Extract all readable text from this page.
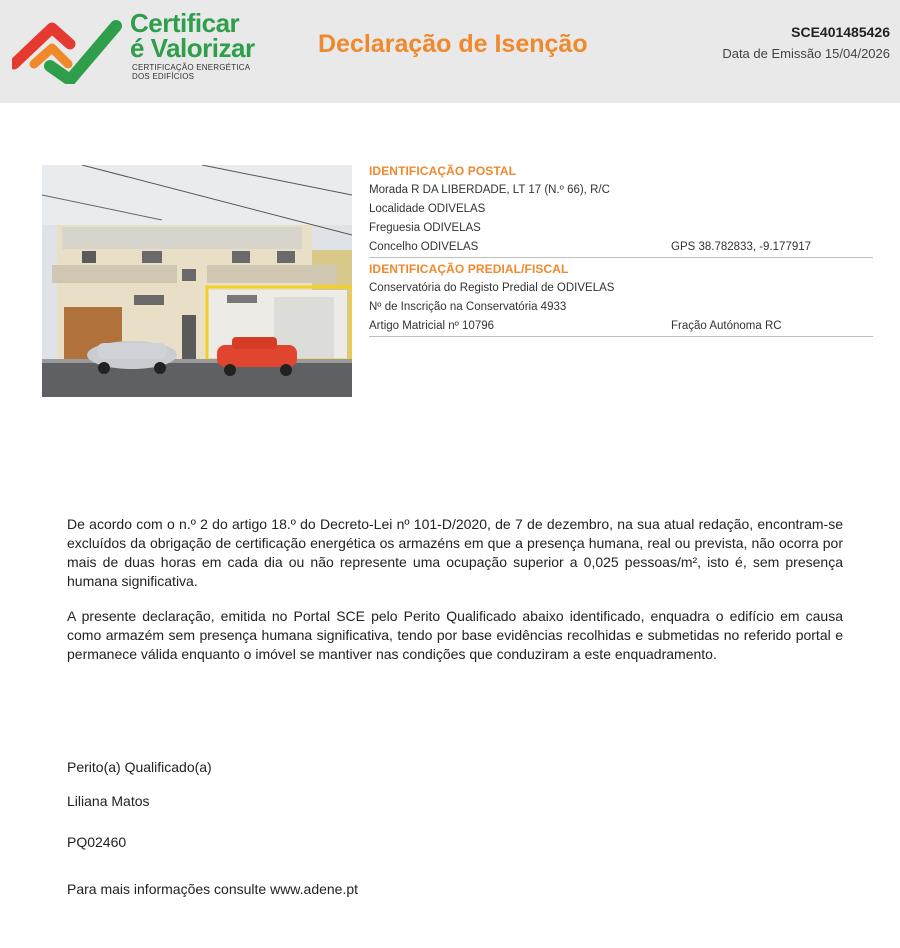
Certificar
é Valorizar
CERTIFICAÇÃO ENERGÉTICA
DOS EDIFÍCIOS
Declaração de Isenção	SCE401485426
Data de Emissão 15/04/2026
IDENTIFICAÇÃO POSTAL
Morada R DA LIBERDADE, LT 17 (N.º 66), R/C
Localidade ODIVELAS
Freguesia ODIVELAS
Concelho ODIVELAS	GPS 38.782833, -9.177917
IDENTIFICAÇÃO PREDIAL/FISCAL
Conservatória do Registo Predial de ODIVELAS
Nº de Inscrição na Conservatória 4933
Artigo Matricial nº 10796	Fração Autónoma RC
De acordo com o n.º 2 do artigo 18.º do Decreto-Lei nº 101-D/2020, de 7 de dezembro, na sua atual redação, encontram-se excluídos da obrigação de certificação energética os armazéns em que a presença humana, real ou prevista, não ocorra por mais de duas horas em cada dia ou não represente uma ocupação superior a 0,025 pessoas/m², isto é, sem presença humana significativa.
A presente declaração, emitida no Portal SCE pelo Perito Qualificado abaixo identificado, enquadra o edifício em causa como armazém sem presença humana significativa, tendo por base evidências recolhidas e submetidas no referido portal e permanece válida enquanto o imóvel se mantiver nas condições que conduziram a este enquadramento.
Perito(a) Qualificado(a)
Liliana Matos
PQ02460
Para mais informações consulte www.adene.pt
